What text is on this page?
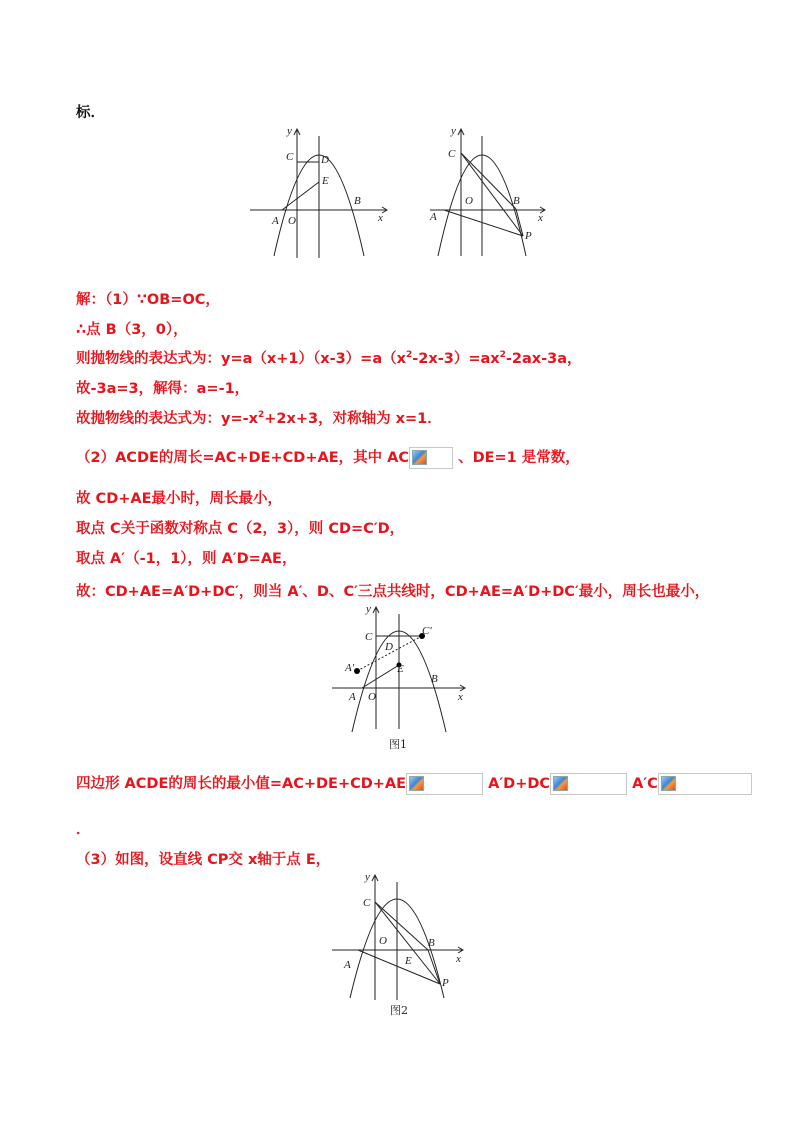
标．
y
x
C	D
E
A O
B
y
x
C
A
O	B
P
解：（1）∵OB=OC，
∴点 B（3，0），
则抛物线的表达式为：$y=a(x+1)(x-3)=a(x^2-2x-3)=ax^2-2ax-3a$，
故-3a=3，解得：a=-1，
故抛物线的表达式为：$y=-x^2+2x+3$，对称轴为 x=1．
（2）ACDE的周长=AC+DE+CD+AE，其中 AC	、DE=1 是常数，
故 CD+AE最小时，周长最小，
取点 C关于函数对称点 C（2，3），则 CD=C′D，
取点 A′（-1，1），则 A′D=AE，
故：CD+AE=A′D+DC′，则当 A′、D、C′三点共线时，CD+AE=A′D+DC′最小，周长也最小，
y
x
C	C′
D
A′	E
B
A O
图1
四边形 ACDE的周长的最小值=AC+DE+CD+AE	A′D+DC	A′C
．
（3）如图，设直线 CP交 x轴于点 E，
y
x
C
O	B
A	E
P
图2
